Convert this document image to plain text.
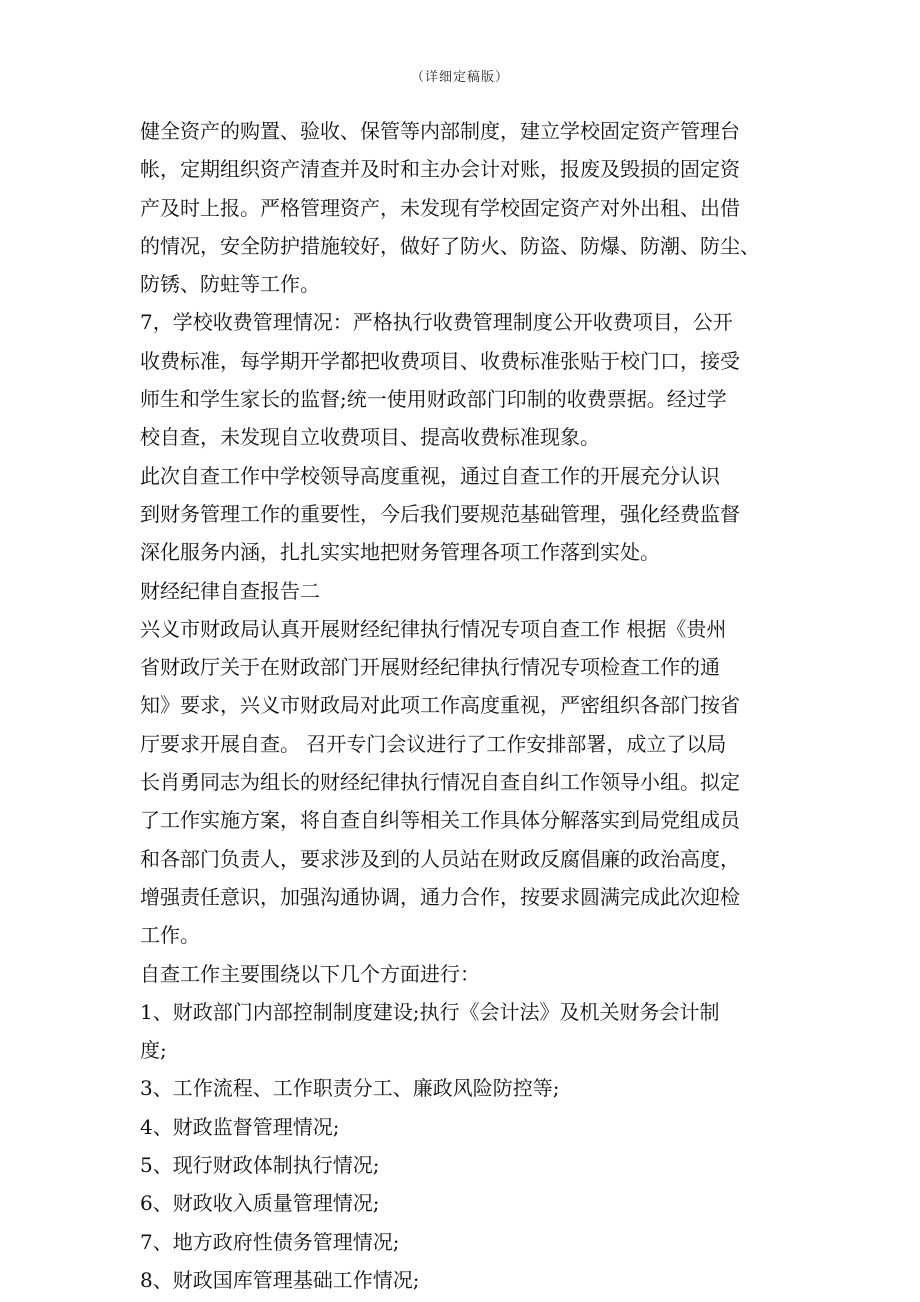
（详细定稿版）
健全资产的购置、验收、保管等内部制度，建立学校固定资产管理台
帐，定期组织资产清查并及时和主办会计对账，报废及毁损的固定资
产及时上报。严格管理资产，未发现有学校固定资产对外出租、出借
的情况，安全防护措施较好，做好了防火、防盗、防爆、防潮、防尘、
防锈、防蛀等工作。
7，学校收费管理情况：严格执行收费管理制度公开收费项目，公开
收费标准，每学期开学都把收费项目、收费标准张贴于校门口，接受
师生和学生家长的监督;统一使用财政部门印制的收费票据。经过学
校自查，未发现自立收费项目、提高收费标准现象。
此次自查工作中学校领导高度重视，通过自查工作的开展充分认识
到财务管理工作的重要性，今后我们要规范基础管理，强化经费监督
深化服务内涵，扎扎实实地把财务管理各项工作落到实处。
财经纪律自查报告二
兴义市财政局认真开展财经纪律执行情况专项自查工作 根据《贵州
省财政厅关于在财政部门开展财经纪律执行情况专项检查工作的通
知》要求，兴义市财政局对此项工作高度重视，严密组织各部门按省
厅要求开展自查。 召开专门会议进行了工作安排部署，成立了以局
长肖勇同志为组长的财经纪律执行情况自查自纠工作领导小组。拟定
了工作实施方案，将自查自纠等相关工作具体分解落实到局党组成员
和各部门负责人，要求涉及到的人员站在财政反腐倡廉的政治高度，
增强责任意识，加强沟通协调，通力合作，按要求圆满完成此次迎检
工作。
自查工作主要围绕以下几个方面进行：
1、财政部门内部控制制度建设;执行《会计法》及机关财务会计制
度;
3、工作流程、工作职责分工、廉政风险防控等;
4、财政监督管理情况;
5、现行财政体制执行情况;
6、财政收入质量管理情况;
7、地方政府性债务管理情况;
8、财政国库管理基础工作情况;
